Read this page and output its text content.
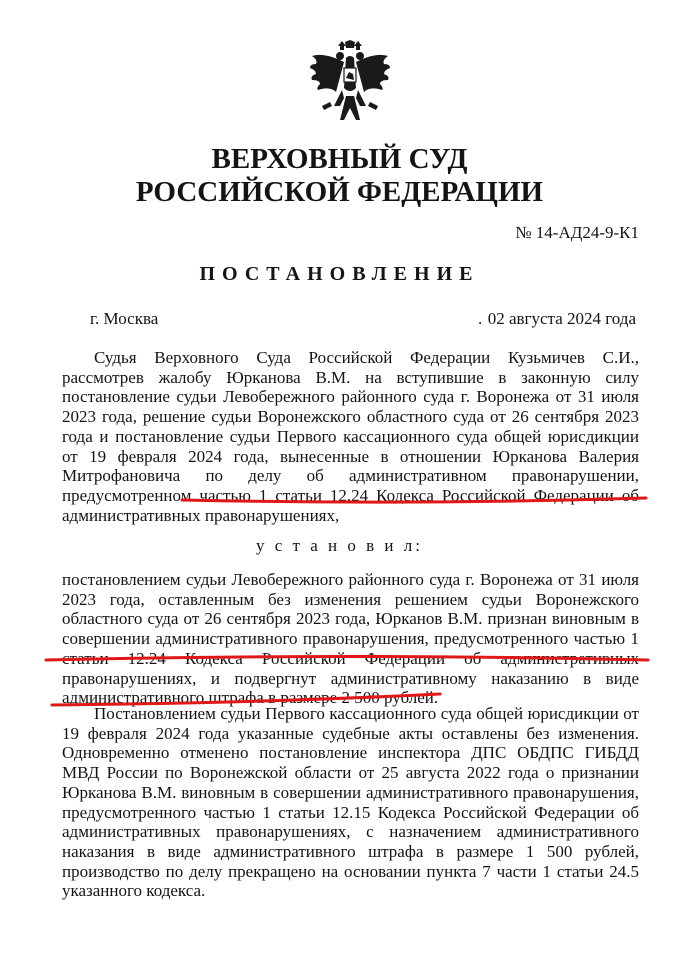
ВЕРХОВНЫЙ СУД
РОССИЙСКОЙ ФЕДЕРАЦИИ
№ 14-АД24-9-К1
ПОСТАНОВЛЕНИЕ
г. Москва	. 02 августа 2024 года

Судья Верховного Суда Российской Федерации Кузьмичев С.И., рассмотрев жалобу Юрканова В.М. на вступившие в законную силу постановление судьи Левобережного районного суда г. Воронежа от 31 июля 2023 года, решение судьи Воронежского областного суда от 26 сентября 2023 года и постановление судьи Первого кассационного суда общей юрисдикции от 19 февраля 2024 года, вынесенные в отношении Юрканова Валерия Митрофановича по делу об административном правонарушении, предусмотренном частью 1 статьи 12.24 Кодекса Российской Федерации об административных правонарушениях,

у с т а н о в и л:

постановлением судьи Левобережного районного суда г. Воронежа от 31 июля 2023 года, оставленным без изменения решением судьи Воронежского областного суда от 26 сентября 2023 года, Юрканов В.М. признан виновным в совершении административного правонарушения, предусмотренного частью 1 статьи 12.24 Кодекса Российской Федерации об административных правонарушениях, и подвергнут административному наказанию в виде административного штрафа в размере 2 500 рублей.

Постановлением судьи Первого кассационного суда общей юрисдикции от 19 февраля 2024 года указанные судебные акты оставлены без изменения. Одновременно отменено постановление инспектора ДПС ОБДПС ГИБДД МВД России по Воронежской области от 25 августа 2022 года о признании Юрканова В.М. виновным в совершении административного правонарушения, предусмотренного частью 1 статьи 12.15 Кодекса Российской Федерации об административных правонарушениях, с назначением административного наказания в виде административного штрафа в размере 1 500 рублей, производство по делу прекращено на основании пункта 7 части 1 статьи 24.5 указанного кодекса.
